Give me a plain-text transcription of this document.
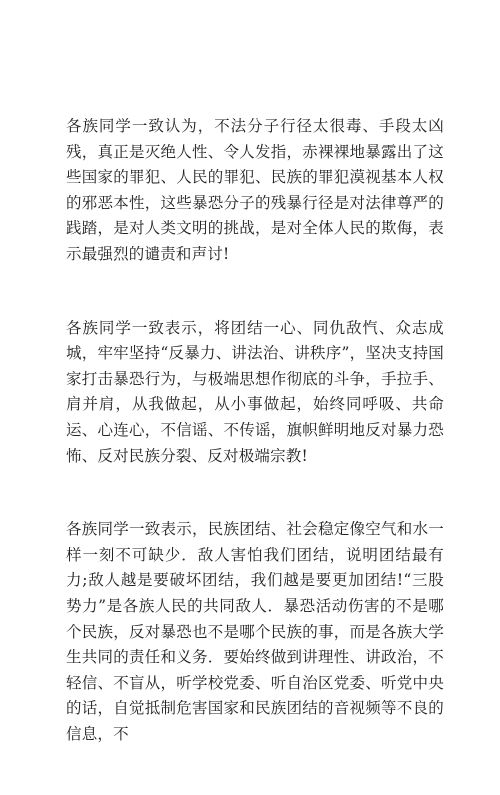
各族同学一致认为，不法分子行径太很毒、手段太凶残，真正是灭绝人性、令人发指，赤裸裸地暴露出了这些国家的罪犯、人民的罪犯、民族的罪犯漠视基本人权的邪恶本性，这些暴恐分子的残暴行径是对法律尊严的践踏，是对人类文明的挑战，是对全体人民的欺侮，表示最强烈的谴责和声讨!

各族同学一致表示，将团结一心、同仇敌忾、众志成城，牢牢坚持“反暴力、讲法治、讲秩序”，坚决支持国家打击暴恐行为，与极端思想作彻底的斗争，手拉手、肩并肩，从我做起，从小事做起，始终同呼吸、共命运、心连心，不信谣、不传谣，旗帜鲜明地反对暴力恐怖、反对民族分裂、反对极端宗教!

各族同学一致表示，民族团结、社会稳定像空气和水一样一刻不可缺少．敌人害怕我们团结，说明团结最有力;敌人越是要破坏团结，我们越是要更加团结!“三股势力”是各族人民的共同敌人．暴恐活动伤害的不是哪个民族，反对暴恐也不是哪个民族的事，而是各族大学生共同的责任和义务．要始终做到讲理性、讲政治，不轻信、不盲从，听学校党委、听自治区党委、听党中央的话，自觉抵制危害国家和民族团结的音视频等不良的信息，不
